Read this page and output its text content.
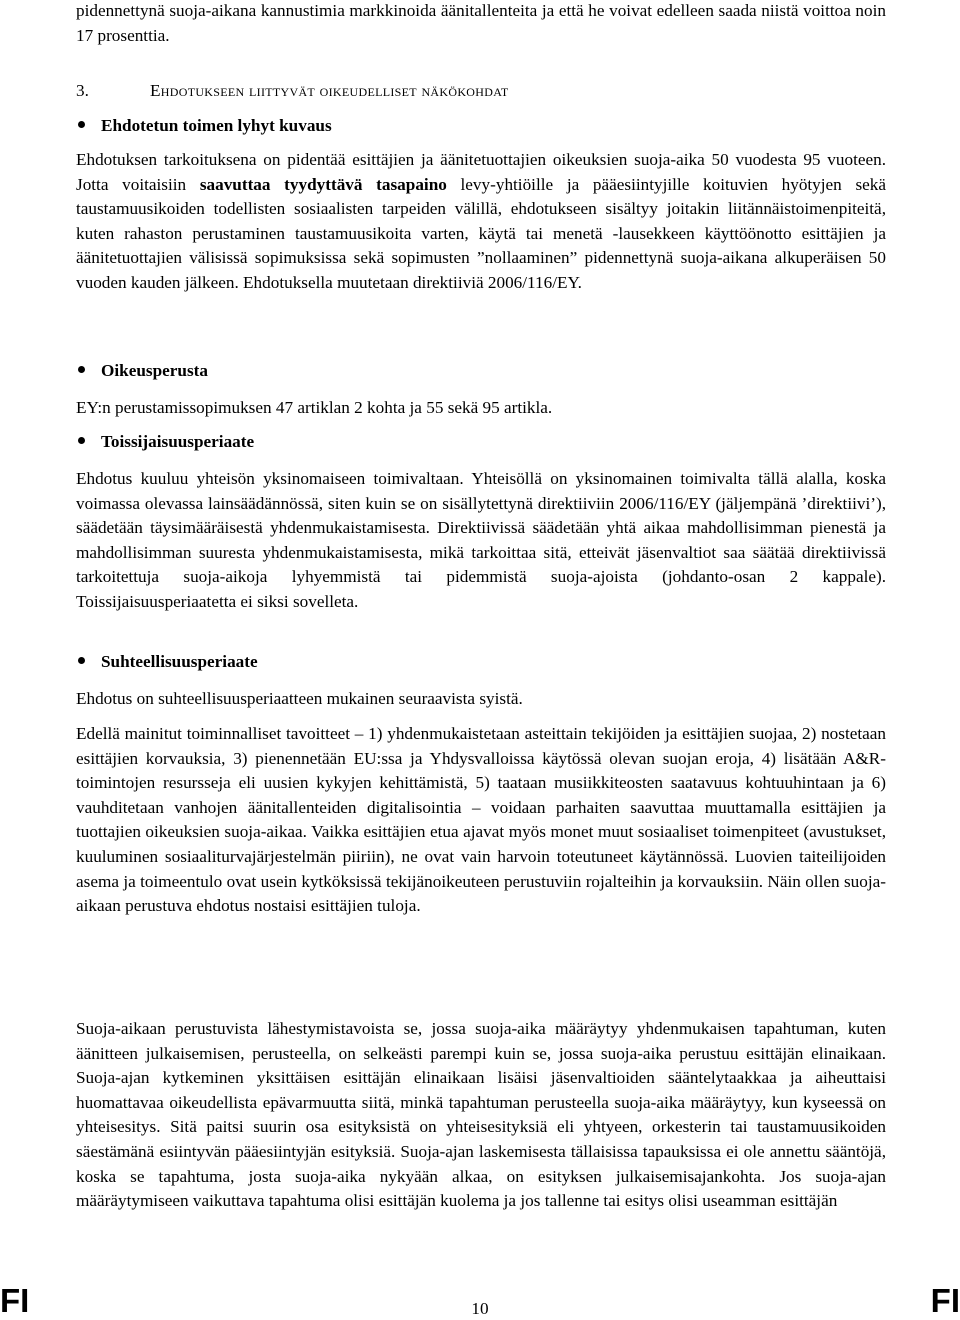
pidennettynä suoja-aikana kannustimia markkinoida äänitallenteita ja että he voivat edelleen saada niistä voittoa noin 17 prosenttia.

3.	Ehdotukseen liittyvät oikeudelliset näkökohdat
Ehdotetun toimen lyhyt kuvaus

Ehdotuksen tarkoituksena on pidentää esittäjien ja äänitetuottajien oikeuksien suoja-aika 50 vuodesta 95 vuoteen. Jotta voitaisiin saavuttaa tyydyttävä tasapaino levy-yhtiöille ja pääesiintyjille koituvien hyötyjen sekä taustamuusikoiden todellisten sosiaalisten tarpeiden välillä, ehdotukseen sisältyy joitakin liitännäistoimenpiteitä, kuten rahaston perustaminen taustamuusikoita varten, käytä tai menetä -lausekkeen käyttöönotto esittäjien ja äänitetuottajien välisissä sopimuksissa sekä sopimusten ”nollaaminen” pidennettynä suoja-aikana alkuperäisen 50 vuoden kauden jälkeen. Ehdotuksella muutetaan direktiiviä 2006/116/EY.

Oikeusperusta

EY:n perustamissopimuksen 47 artiklan 2 kohta ja 55 sekä 95 artikla.

Toissijaisuusperiaate

Ehdotus kuuluu yhteisön yksinomaiseen toimivaltaan. Yhteisöllä on yksinomainen toimivalta tällä alalla, koska voimassa olevassa lainsäädännössä, siten kuin se on sisällytettynä direktiiviin 2006/116/EY (jäljempänä ’direktiivi’), säädetään täysimääräisestä yhdenmukaistamisesta. Direktiivissä säädetään yhtä aikaa mahdollisimman pienestä ja mahdollisimman suuresta yhdenmukaistamisesta, mikä tarkoittaa sitä, etteivät jäsenvaltiot saa säätää direktiivissä tarkoitettuja suoja-aikoja lyhyemmistä tai pidemmistä suoja-ajoista (johdanto-osan 2 kappale). Toissijaisuusperiaatetta ei siksi sovelleta.

Suhteellisuusperiaate

Ehdotus on suhteellisuusperiaatteen mukainen seuraavista syistä.

Edellä mainitut toiminnalliset tavoitteet – 1) yhdenmukaistetaan asteittain tekijöiden ja esittäjien suojaa, 2) nostetaan esittäjien korvauksia, 3) pienennetään EU:ssa ja Yhdysvalloissa käytössä olevan suojan eroja, 4) lisätään A&R-toimintojen resursseja eli uusien kykyjen kehittämistä, 5) taataan musiikkiteosten saatavuus kohtuuhintaan ja 6) vauhditetaan vanhojen äänitallenteiden digitalisointia – voidaan parhaiten saavuttaa muuttamalla esittäjien ja tuottajien oikeuksien suoja-aikaa. Vaikka esittäjien etua ajavat myös monet muut sosiaaliset toimenpiteet (avustukset, kuuluminen sosiaaliturvajärjestelmän piiriin), ne ovat vain harvoin toteutuneet käytännössä. Luovien taiteilijoiden asema ja toimeentulo ovat usein kytköksissä tekijänoikeuteen perustuviin rojalteihin ja korvauksiin. Näin ollen suoja-aikaan perustuva ehdotus nostaisi esittäjien tuloja.

Suoja-aikaan perustuvista lähestymistavoista se, jossa suoja-aika määräytyy yhdenmukaisen tapahtuman, kuten äänitteen julkaisemisen, perusteella, on selkeästi parempi kuin se, jossa suoja-aika perustuu esittäjän elinaikaan. Suoja-ajan kytkeminen yksittäisen esittäjän elinaikaan lisäisi jäsenvaltioiden sääntelytaakkaa ja aiheuttaisi huomattavaa oikeudellista epävarmuutta siitä, minkä tapahtuman perusteella suoja-aika määräytyy, kun kyseessä on yhteisesitys. Sitä paitsi suurin osa esityksistä on yhteisesityksiä eli yhtyeen, orkesterin tai taustamuusikoiden säestämänä esiintyvän pääesiintyjän esityksiä. Suoja-ajan laskemisesta tällaisissa tapauksissa ei ole annettu sääntöjä, koska se tapahtuma, josta suoja-aika nykyään alkaa, on esityksen julkaisemisajankohta. Jos suoja-ajan määräytymiseen vaikuttava tapahtuma olisi esittäjän kuolema ja jos tallenne tai esitys olisi useamman esittäjän

FI	FI
10
